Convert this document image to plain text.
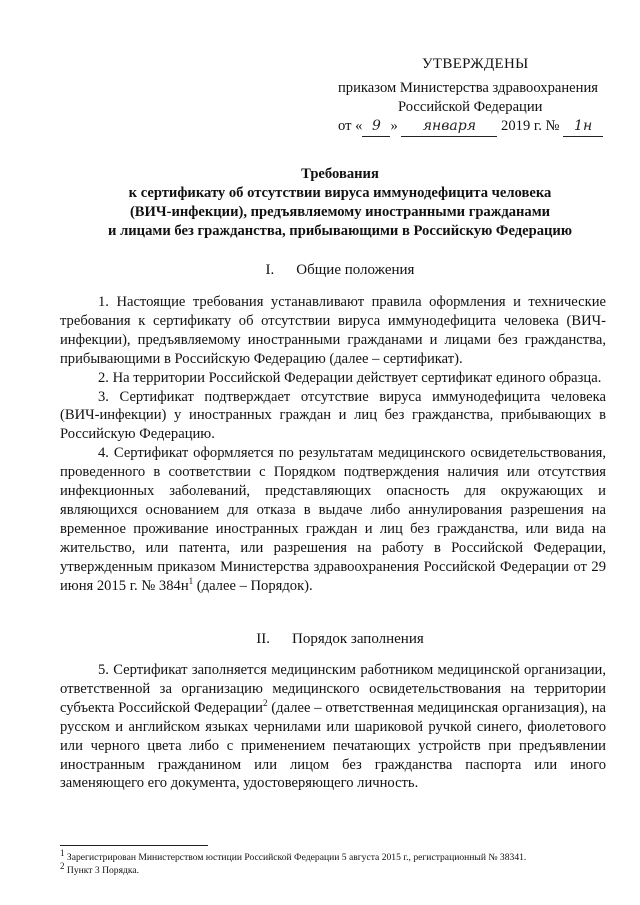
УТВЕРЖДЕНЫ
приказом Министерства здравоохранения
Российской Федерации
от « 9 » января 2019 г. № 1н
Требования
к сертификату об отсутствии вируса иммунодефицита человека
(ВИЧ-инфекции), предъявляемому иностранными гражданами
и лицами без гражданства, прибывающими в Российскую Федерацию
I. Общие положения

1. Настоящие требования устанавливают правила оформления и технические требования к сертификату об отсутствии вируса иммунодефицита человека (ВИЧ-инфекции), предъявляемому иностранными гражданами и лицами без гражданства, прибывающими в Российскую Федерацию (далее – сертификат).

2. На территории Российской Федерации действует сертификат единого образца.

3. Сертификат подтверждает отсутствие вируса иммунодефицита человека (ВИЧ-инфекции) у иностранных граждан и лиц без гражданства, прибывающих в Российскую Федерацию.

4. Сертификат оформляется по результатам медицинского освидетельствования, проведенного в соответствии с Порядком подтверждения наличия или отсутствия инфекционных заболеваний, представляющих опасность для окружающих и являющихся основанием для отказа в выдаче либо аннулирования разрешения на временное проживание иностранных граждан и лиц без гражданства, или вида на жительство, или патента, или разрешения на работу в Российской Федерации, утвержденным приказом Министерства здравоохранения Российской Федерации от 29 июня 2015 г. № $384н^1$ (далее – Порядок).

II. Порядок заполнения

5. Сертификат заполняется медицинским работником медицинской организации, ответственной за организацию медицинского освидетельствования на территории субъекта Российской Федерации$^2$ (далее – ответственная медицинская организация), на русском и английском языках чернилами или шариковой ручкой синего, фиолетового или черного цвета либо с применением печатающих устройств при предъявлении иностранным гражданином или лицом без гражданства паспорта или иного заменяющего его документа, удостоверяющего личность.

$^1$ Зарегистрирован Министерством юстиции Российской Федерации 5 августа 2015 г., регистрационный № 38341.
$^2$ Пункт 3 Порядка.
